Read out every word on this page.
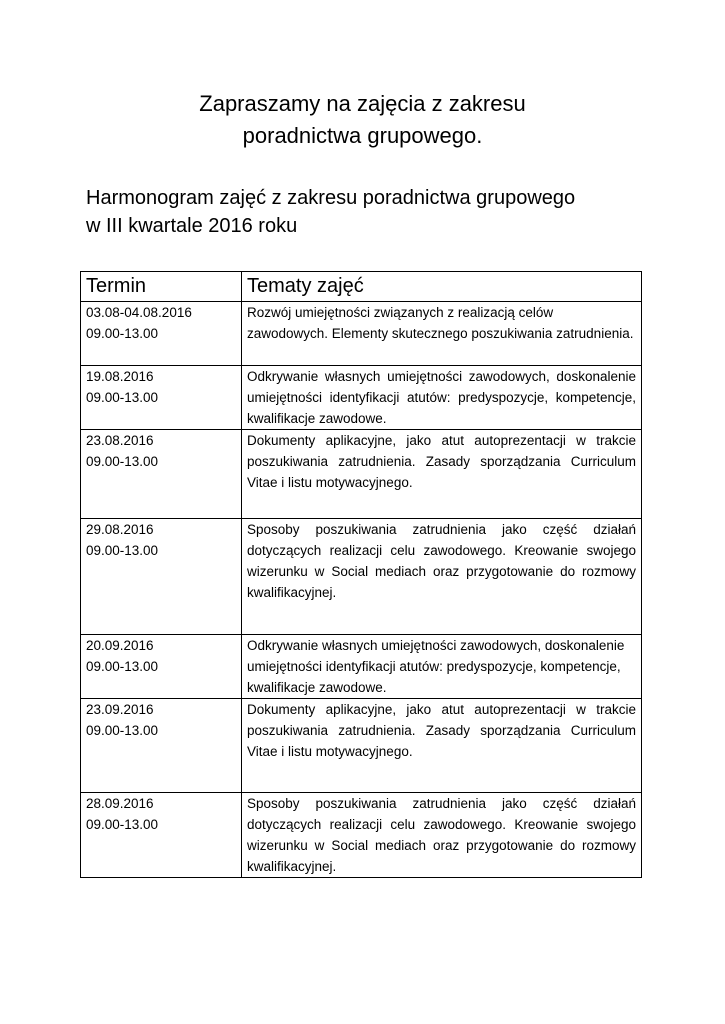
Zapraszamy na zajęcia z zakresu
poradnictwa grupowego.
Harmonogram zajęć z zakresu poradnictwa grupowego
w III kwartale 2016 roku
Termin	Tematy zajęć

03.08-04.08.2016
09.00-13.00	Rozwój umiejętności związanych z realizacją celów zawodowych. Elementy skutecznego poszukiwania zatrudnienia.

19.08.2016
09.00-13.00	Odkrywanie własnych umiejętności zawodowych, doskonalenie umiejętności identyfikacji atutów: predyspozycje, kompetencje, kwalifikacje zawodowe.

23.08.2016
09.00-13.00	Dokumenty aplikacyjne, jako atut autoprezentacji w trakcie poszukiwania zatrudnienia. Zasady sporządzania Curriculum Vitae i listu motywacyjnego.

29.08.2016
09.00-13.00	Sposoby poszukiwania zatrudnienia jako część działań dotyczących realizacji celu zawodowego. Kreowanie swojego wizerunku w Social mediach oraz przygotowanie do rozmowy kwalifikacyjnej.

20.09.2016
09.00-13.00	Odkrywanie własnych umiejętności zawodowych, doskonalenie umiejętności identyfikacji atutów: predyspozycje, kompetencje, kwalifikacje zawodowe.

23.09.2016
09.00-13.00	Dokumenty aplikacyjne, jako atut autoprezentacji w trakcie poszukiwania zatrudnienia. Zasady sporządzania Curriculum Vitae i listu motywacyjnego.

28.09.2016
09.00-13.00	Sposoby poszukiwania zatrudnienia jako część działań dotyczących realizacji celu zawodowego. Kreowanie swojego wizerunku w Social mediach oraz przygotowanie do rozmowy kwalifikacyjnej.
